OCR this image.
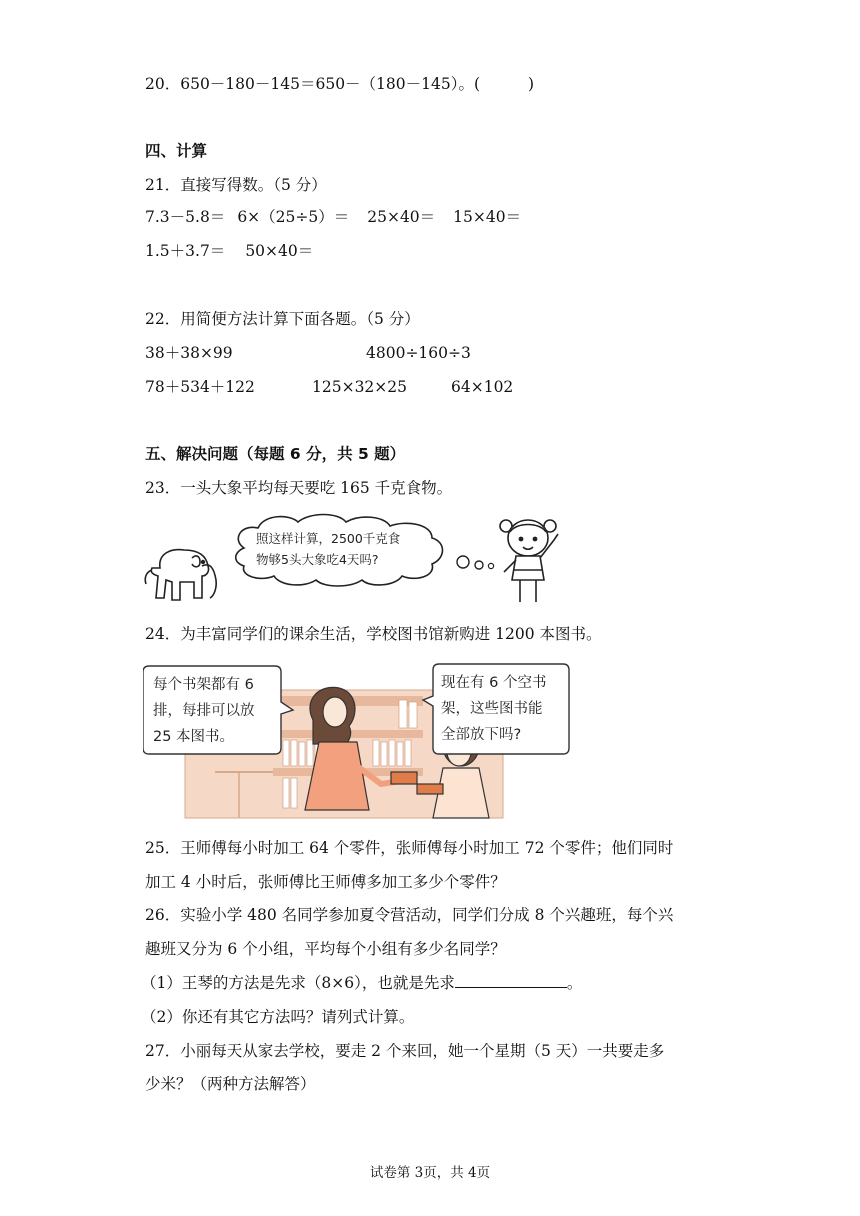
20．650－180－145＝650－（180－145）。(	)
四、计算
21．直接写得数。（5 分）
7.3－5.8＝ 6×（25÷5）＝ 25×40＝ 15×40＝
1.5＋3.7＝ 50×40＝
22．用简便方法计算下面各题。（5 分）
38＋38×99	4800÷160÷3
78＋534＋122	125×32×25	64×102
五、解决问题（每题 6 分，共 5 题）
23．一头大象平均每天要吃 165 千克食物。
照这样计算，2500千克食
物够5头大象吃4天吗?
24．为丰富同学们的课余生活，学校图书馆新购进 1200 本图书。
每个书架都有 6
排，每排可以放
25 本图书。
现在有 6 个空书
架，这些图书能
全部放下吗?
25．王师傅每小时加工 64 个零件，张师傅每小时加工 72 个零件；他们同时
加工 4 小时后，张师傅比王师傅多加工多少个零件？
26．实验小学 480 名同学参加夏令营活动，同学们分成 8 个兴趣班，每个兴
趣班又分为 6 个小组，平均每个小组有多少名同学？
（1）王琴的方法是先求（8×6），也就是先求	。
（2）你还有其它方法吗？请列式计算。
27．小丽每天从家去学校，要走 2 个来回，她一个星期（5 天）一共要走多
少米？（两种方法解答）
试卷第 3页，共 4页
